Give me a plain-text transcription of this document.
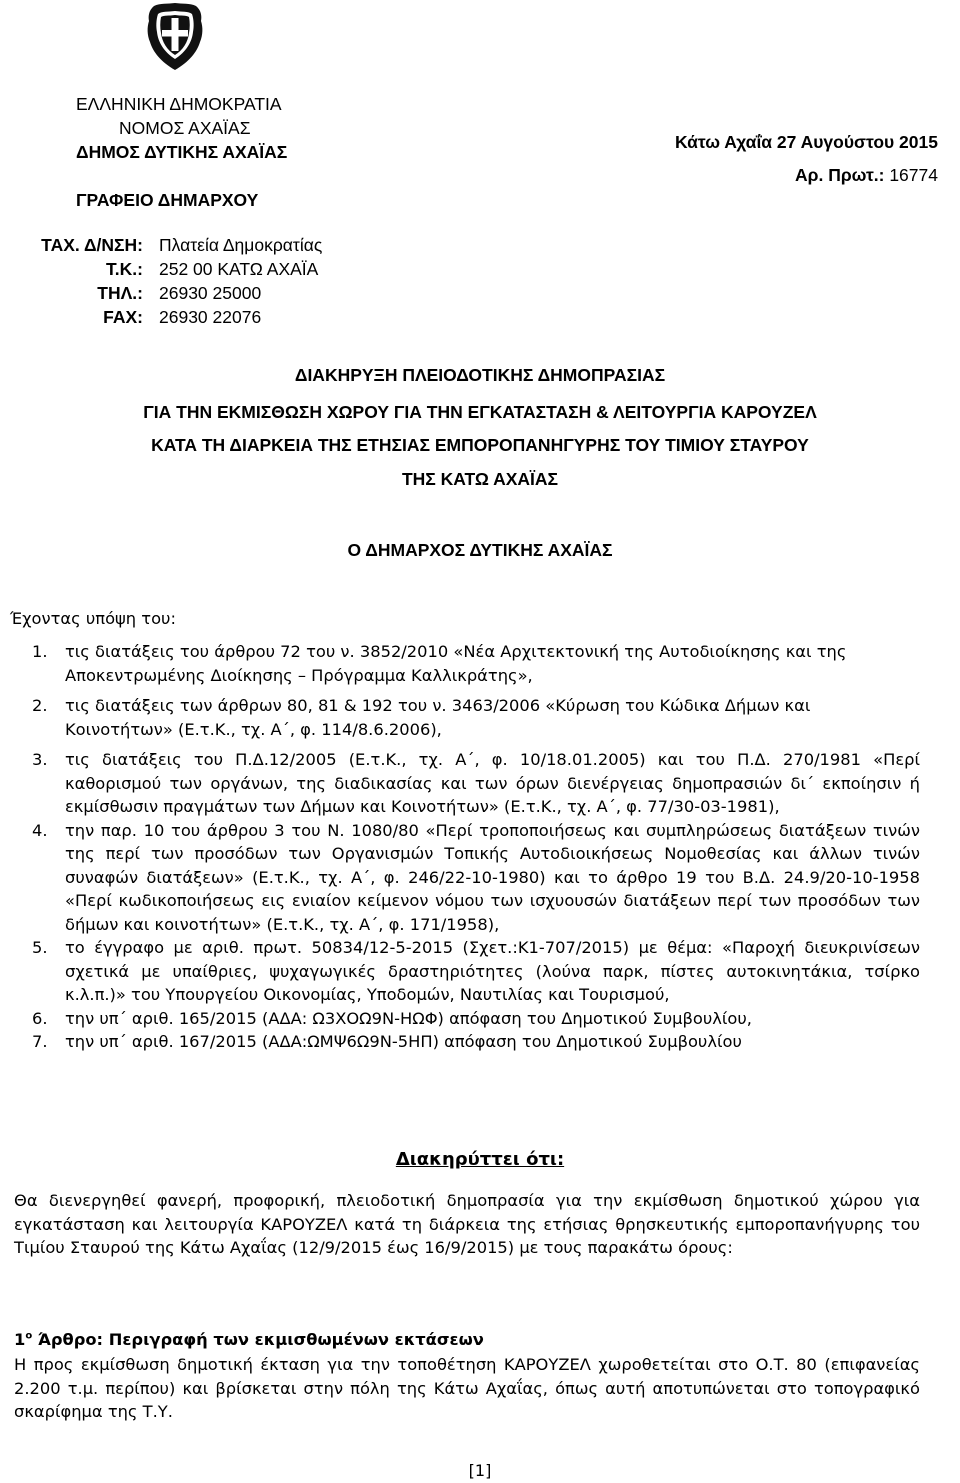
ΕΛΛΗΝΙΚΗ ΔΗΜΟΚΡΑΤΙΑ
ΝΟΜΟΣ ΑΧΑΪΑΣ
ΔΗΜΟΣ ΔΥΤΙΚΗΣ ΑΧΑΪΑΣ
ΓΡΑΦΕΙΟ ΔΗΜΑΡΧΟΥ
Κάτω Αχαΐα 27 Αυγούστου 2015
Αρ. Πρωτ.: 16774
ΤΑΧ. Δ/ΝΣΗ: Πλατεία Δημοκρατίας
Τ.Κ.: 252 00 ΚΑΤΩ ΑΧΑΪΑ
ΤΗΛ.: 26930 25000
FAX: 26930 22076
ΔΙΑΚΗΡΥΞΗ ΠΛΕΙΟΔΟΤΙΚΗΣ ΔΗΜΟΠΡΑΣΙΑΣ
ΓΙΑ ΤΗΝ ΕΚΜΙΣΘΩΣΗ ΧΩΡΟΥ ΓΙΑ ΤΗΝ ΕΓΚΑΤΑΣΤΑΣΗ & ΛΕΙΤΟΥΡΓΙΑ ΚΑΡΟΥΖΕΛ
ΚΑΤΑ ΤΗ ΔΙΑΡΚΕΙΑ ΤΗΣ ΕΤΗΣΙΑΣ ΕΜΠΟΡΟΠΑΝΗΓΥΡΗΣ ΤΟΥ ΤΙΜΙΟΥ ΣΤΑΥΡΟΥ
ΤΗΣ ΚΑΤΩ ΑΧΑΪΑΣ
Ο ΔΗΜΑΡΧΟΣ ΔΥΤΙΚΗΣ ΑΧΑΪΑΣ
Έχοντας υπόψη του:
1.	τις διατάξεις του άρθρου 72 του ν. 3852/2010 «Νέα Αρχιτεκτονική της Αυτοδιοίκησης και της Αποκεντρωμένης Διοίκησης – Πρόγραμμα Καλλικράτης»,
2.	τις διατάξεις των άρθρων 80, 81 & 192 του ν. 3463/2006 «Κύρωση του Κώδικα Δήμων και Κοινοτήτων» (Ε.τ.Κ., τχ. Α΄, φ. 114/8.6.2006),
3.	τις διατάξεις του Π.Δ.12/2005 (Ε.τ.Κ., τχ. Α΄, φ. 10/18.01.2005) και του Π.Δ. 270/1981 «Περί καθορισμού των οργάνων, της διαδικασίας και των όρων διενέργειας δημοπρασιών δι΄ εκποίησιν ή εκμίσθωσιν πραγμάτων των Δήμων και Κοινοτήτων» (Ε.τ.Κ., τχ. Α΄, φ. 77/30-03-1981),
4.	την παρ. 10 του άρθρου 3 του Ν. 1080/80 «Περί τροποποιήσεως και συμπληρώσεως διατάξεων τινών της περί των προσόδων των Οργανισμών Τοπικής Αυτοδιοικήσεως Νομοθεσίας και άλλων τινών συναφών διατάξεων» (Ε.τ.Κ., τχ. Α΄, φ. 246/22-10-1980) και το άρθρο 19 του Β.Δ. 24.9/20-10-1958 «Περί κωδικοποιήσεως εις ενιαίον κείμενον νόμου των ισχυουσών διατάξεων περί των προσόδων των δήμων και κοινοτήτων» (Ε.τ.Κ., τχ. Α΄, φ. 171/1958),
5.	το έγγραφο με αριθ. πρωτ. 50834/12-5-2015 (Σχετ.:Κ1-707/2015) με θέμα: «Παροχή διευκρινίσεων σχετικά με υπαίθριες, ψυχαγωγικές δραστηριότητες (λούνα παρκ, πίστες αυτοκινητάκια, τσίρκο κ.λ.π.)» του Υπουργείου Οικονομίας, Υποδομών, Ναυτιλίας και Τουρισμού,
6.	την υπ΄ αριθ. 165/2015 (ΑΔΑ: Ω3ΧΟΩ9Ν-ΗΩΦ) απόφαση του Δημοτικού Συμβουλίου,
7.	την υπ΄ αριθ. 167/2015 (ΑΔΑ:ΩΜΨ6Ω9Ν-5ΗΠ) απόφαση του Δημοτικού Συμβουλίου
Διακηρύττει ότι:
Θα διενεργηθεί φανερή, προφορική, πλειοδοτική δημοπρασία για την εκμίσθωση δημοτικού χώρου για εγκατάσταση και λειτουργία ΚΑΡΟΥΖΕΛ κατά τη διάρκεια της ετήσιας θρησκευτικής εμποροπανήγυρης του Τιμίου Σταυρού της Κάτω Αχαΐας (12/9/2015 έως 16/9/2015) με τους παρακάτω όρους:
$1^o$ Άρθρο: Περιγραφή των εκμισθωμένων εκτάσεων
Η προς εκμίσθωση δημοτική έκταση για την τοποθέτηση ΚΑΡΟΥΖΕΛ χωροθετείται στο Ο.Τ. 80 (επιφανείας 2.200 τ.μ. περίπου) και βρίσκεται στην πόλη της Κάτω Αχαΐας, όπως αυτή αποτυπώνεται στο τοπογραφικό σκαρίφημα της Τ.Υ.
[1]
